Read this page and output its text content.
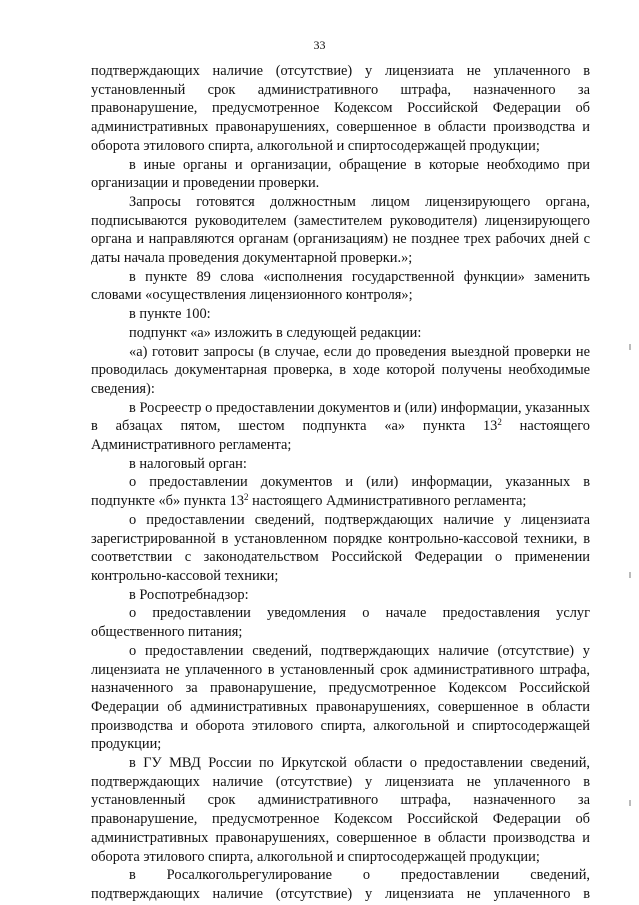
33

подтверждающих наличие (отсутствие) у лицензиата не уплаченного в установленный срок административного штрафа, назначенного за правонарушение, предусмотренное Кодексом Российской Федерации об административных правонарушениях, совершенное в области производства и оборота этилового спирта, алкогольной и спиртосодержащей продукции;

в иные органы и организации, обращение в которые необходимо при организации и проведении проверки.

Запросы готовятся должностным лицом лицензирующего органа, подписываются руководителем (заместителем руководителя) лицензирующего органа и направляются органам (организациям) не позднее трех рабочих дней с даты начала проведения документарной проверки.»;

в пункте 89 слова «исполнения государственной функции» заменить словами «осуществления лицензионного контроля»;

в пункте 100:

подпункт «а» изложить в следующей редакции:

«а) готовит запросы (в случае, если до проведения выездной проверки не проводилась документарная проверка, в ходе которой получены необходимые сведения):

в Росреестр о предоставлении документов и (или) информации, указанных в абзацах пятом, шестом подпункта «а» пункта $13^2$ настоящего Административного регламента;

в налоговый орган:

о предоставлении документов и (или) информации, указанных в подпункте «б» пункта $13^2$ настоящего Административного регламента;

о предоставлении сведений, подтверждающих наличие у лицензиата зарегистрированной в установленном порядке контрольно-кассовой техники, в соответствии с законодательством Российской Федерации о применении контрольно-кассовой техники;

в Роспотребнадзор:

о предоставлении уведомления о начале предоставления услуг общественного питания;

о предоставлении сведений, подтверждающих наличие (отсутствие) у лицензиата не уплаченного в установленный срок административного штрафа, назначенного за правонарушение, предусмотренное Кодексом Российской Федерации об административных правонарушениях, совершенное в области производства и оборота этилового спирта, алкогольной и спиртосодержащей продукции;

в ГУ МВД России по Иркутской области о предоставлении сведений, подтверждающих наличие (отсутствие) у лицензиата не уплаченного в установленный срок административного штрафа, назначенного за правонарушение, предусмотренное Кодексом Российской Федерации об административных правонарушениях, совершенное в области производства и оборота этилового спирта, алкогольной и спиртосодержащей продукции;

в Росалкогольрегулирование о предоставлении сведений, подтверждающих наличие (отсутствие) у лицензиата не уплаченного в
